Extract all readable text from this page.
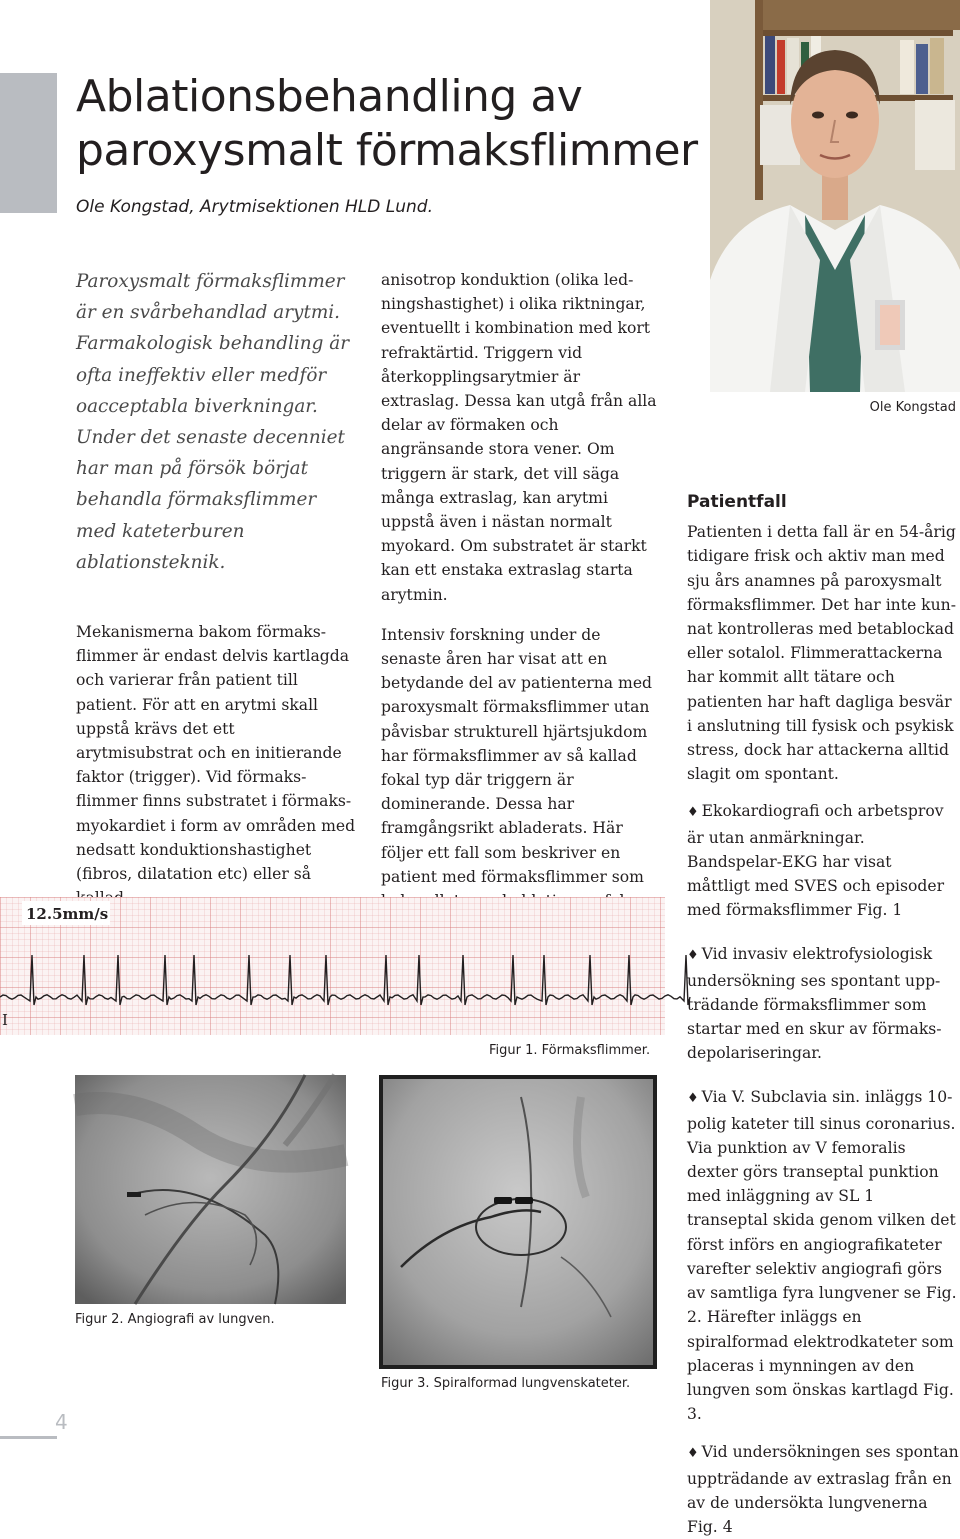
Ablationsbehandling av
paroxysmalt förmaksflimmer
Ole Kongstad, Arytmisektionen HLD Lund.
Ole Kongstad

Paroxysmalt förmaksflimmer är en svårbehandlad arytmi. Farmakologisk behandling är ofta ineffektiv eller medför oacceptabla biverkningar. Under det senaste decenniet har man på försök börjat behandla förmaksflimmer med kateterburen ablationsteknik.

Mekanismerna bakom förmaksflimmer är endast delvis kartlagda och varierar från patient till patient. För att en arytmi skall uppstå krävs det ett arytmisubstrat och en initierande faktor (trigger). Vid förmaksflimmer finns substratet i förmaksmyokardiet i form av områden med nedsatt konduktionshastighet (fibros, dilatation etc) eller så

anisotrop konduktion (olika ledningshastighet) i olika riktningar, eventuellt i kombination med kort refraktärtid. Triggern vid återkopplingsarytmier är extraslag. Dessa kan utgå från alla delar av förmaken och angränsande stora vener. Om triggern är stark, det vill säga många extraslag, kan arytmi uppstå även i nästan normalt myokard. Om substratet är starkt kan ett enstaka extraslag starta arytmin.

Intensiv forskning under de senaste åren har visat att en betydande del av patienterna med paroxysmalt förmaksflimmer utan påvisbar strukturell hjärtsjukdom har förmaksflimmer av så kallad fokal typ där triggern är dominerande. Dessa har framgångsrikt abladerats. Här följer ett fall som beskriver en patient med förmaksflimmer som

Patientfall

Patienten i detta fall är en 54-årig tidigare frisk och aktiv man med sju års anamnes på paroxysmalt förmaksflimmer. Det har inte kunnat kontrolleras med betablockad eller sotalol. Flimmerattackerna har kommit allt tätare och patienten har haft dagliga besvär i anslutning till fysisk och psykisk stress, dock har attackerna alltid slagit om spontant.

♦ Ekokardiografi och arbetsprov är utan anmärkningar. Bandspelar-EKG har visat måttligt med SVES och episoder med förmaksflimmer Fig. 1

♦ Vid invasiv elektrofysiologisk undersökning ses spontant uppträdande förmaksflimmer som startar med en skur av förmaksdepolariseringar.

♦ Via V. Subclavia sin. inläggs 10-polig kateter till sinus coronarius. Via punktion av V femoralis dexter görs transeptal punktion med inläggning av SL 1 transeptal skida genom vilken det först införs en angiografikateter varefter selektiv angiografi görs av samtliga fyra lungvener se Fig. 2. Härefter inläggs en spiralformad elektrodkateter som placeras i mynningen av den lungven som önskas kartlagd Fig. 3.

♦ Vid undersökningen ses spontan uppträdande av extraslag från en av de undersökta lungvenerna Fig. 4

12.5mm/s
I
Figur 1. Förmaksflimmer.
Figur 2. Angiografi av lungven.
Figur 3. Spiralformad lungvenskateter.
4
